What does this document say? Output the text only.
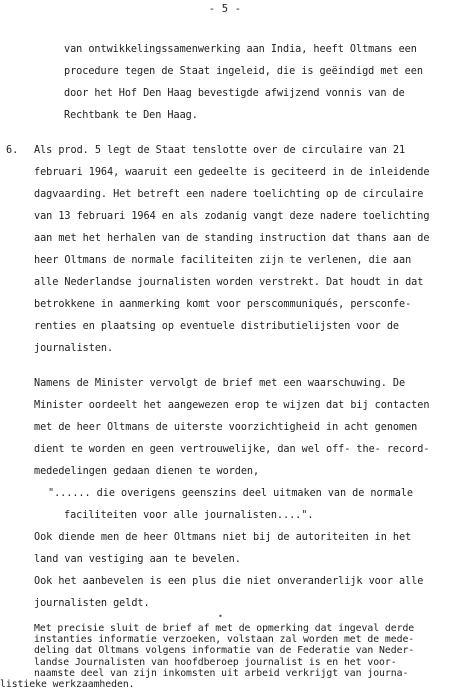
- 5 -
van ontwikkelingssamenwerking aan India, heeft Oltmans een
procedure tegen de Staat ingeleid, die is geëindigd met een
door het Hof Den Haag bevestigde afwijzend vonnis van de
Rechtbank te Den Haag.
6. Als prod. 5 legt de Staat tenslotte over de circulaire van 21
februari 1964, waaruit een gedeelte is geciteerd in de inleidende
dagvaarding. Het betreft een nadere toelichting op de circulaire
van 13 februari 1964 en als zodanig vangt deze nadere toelichting
aan met het herhalen van de standing instruction dat thans aan de
heer Oltmans de normale faciliteiten zijn te verlenen, die aan
alle Nederlandse journalisten worden verstrekt. Dat houdt in dat
betrokkene in aanmerking komt voor perscommuniqués, persconfe-
renties en plaatsing op eventuele distributielijsten voor de
journalisten.
Namens de Minister vervolgt de brief met een waarschuwing. De
Minister oordeelt het aangewezen erop te wijzen dat bij contacten
met de heer Oltmans de uiterste voorzichtigheid in acht genomen
dient te worden en geen vertrouwelijke, dan wel off- the- record-
mededelingen gedaan dienen te worden,
"...... die overigens geenszins deel uitmaken van de normale
faciliteiten voor alle journalisten....".
Ook diende men de heer Oltmans niet bij de autoriteiten in het
land van vestiging aan te bevelen.
Ook het aanbevelen is een plus die niet onveranderlijk voor alle
journalisten geldt.
•
Met precisie sluit de brief af met de opmerking dat ingeval derde
instanties informatie verzoeken, volstaan zal worden met de mede-
deling dat Oltmans volgens informatie van de Federatie van Neder-
landse Journalisten van hoofdberoep journalist is en het voor-
naamste deel van zijn inkomsten uit arbeid verkrijgt van journa-
listieke werkzaamheden.
